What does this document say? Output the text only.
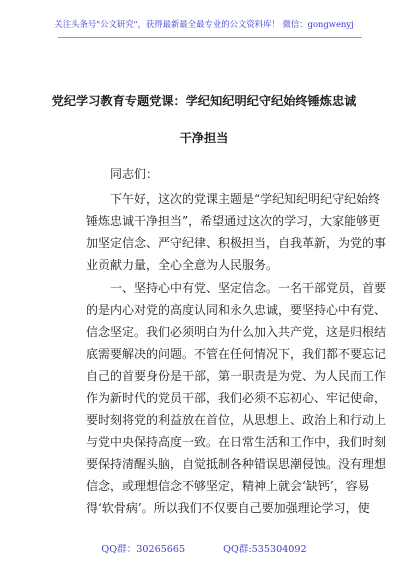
关注头条号"公文研究"，获得最新最全最专业的公文资料库！ 微信：gongwenyj
党纪学习教育专题党课：学纪知纪明纪守纪始终锤炼忠诚
干净担当
同志们：
下午好，这次的党课主题是“学纪知纪明纪守纪始终
锤炼忠诚干净担当”，希望通过这次的学习，大家能够更
加坚定信念、严守纪律、积极担当，自我革新，为党的事
业贡献力量，全心全意为人民服务。
一、坚持心中有党、坚定信念。一名干部党员，首要
的是内心对党的高度认同和永久忠诚，要坚持心中有党、
信念坚定。我们必须明白为什么加入共产党，这是归根结
底需要解决的问题。不管在任何情况下，我们都不要忘记
自己的首要身份是干部，第一职责是为党、为人民而工作
作为新时代的党员干部，我们必须不忘初心、牢记使命，
要时刻将党的利益放在首位，从思想上、政治上和行动上
与党中央保持高度一致。在日常生活和工作中，我们时刻
要保持清醒头脑，自觉抵制各种错误思潮侵蚀。没有理想
信念，或理想信念不够坚定，精神上就会‘缺钙’，容易
得‘软骨病’。所以我们不仅要自己要加强理论学习，使
QQ群：30265665	QQ群:535304092
